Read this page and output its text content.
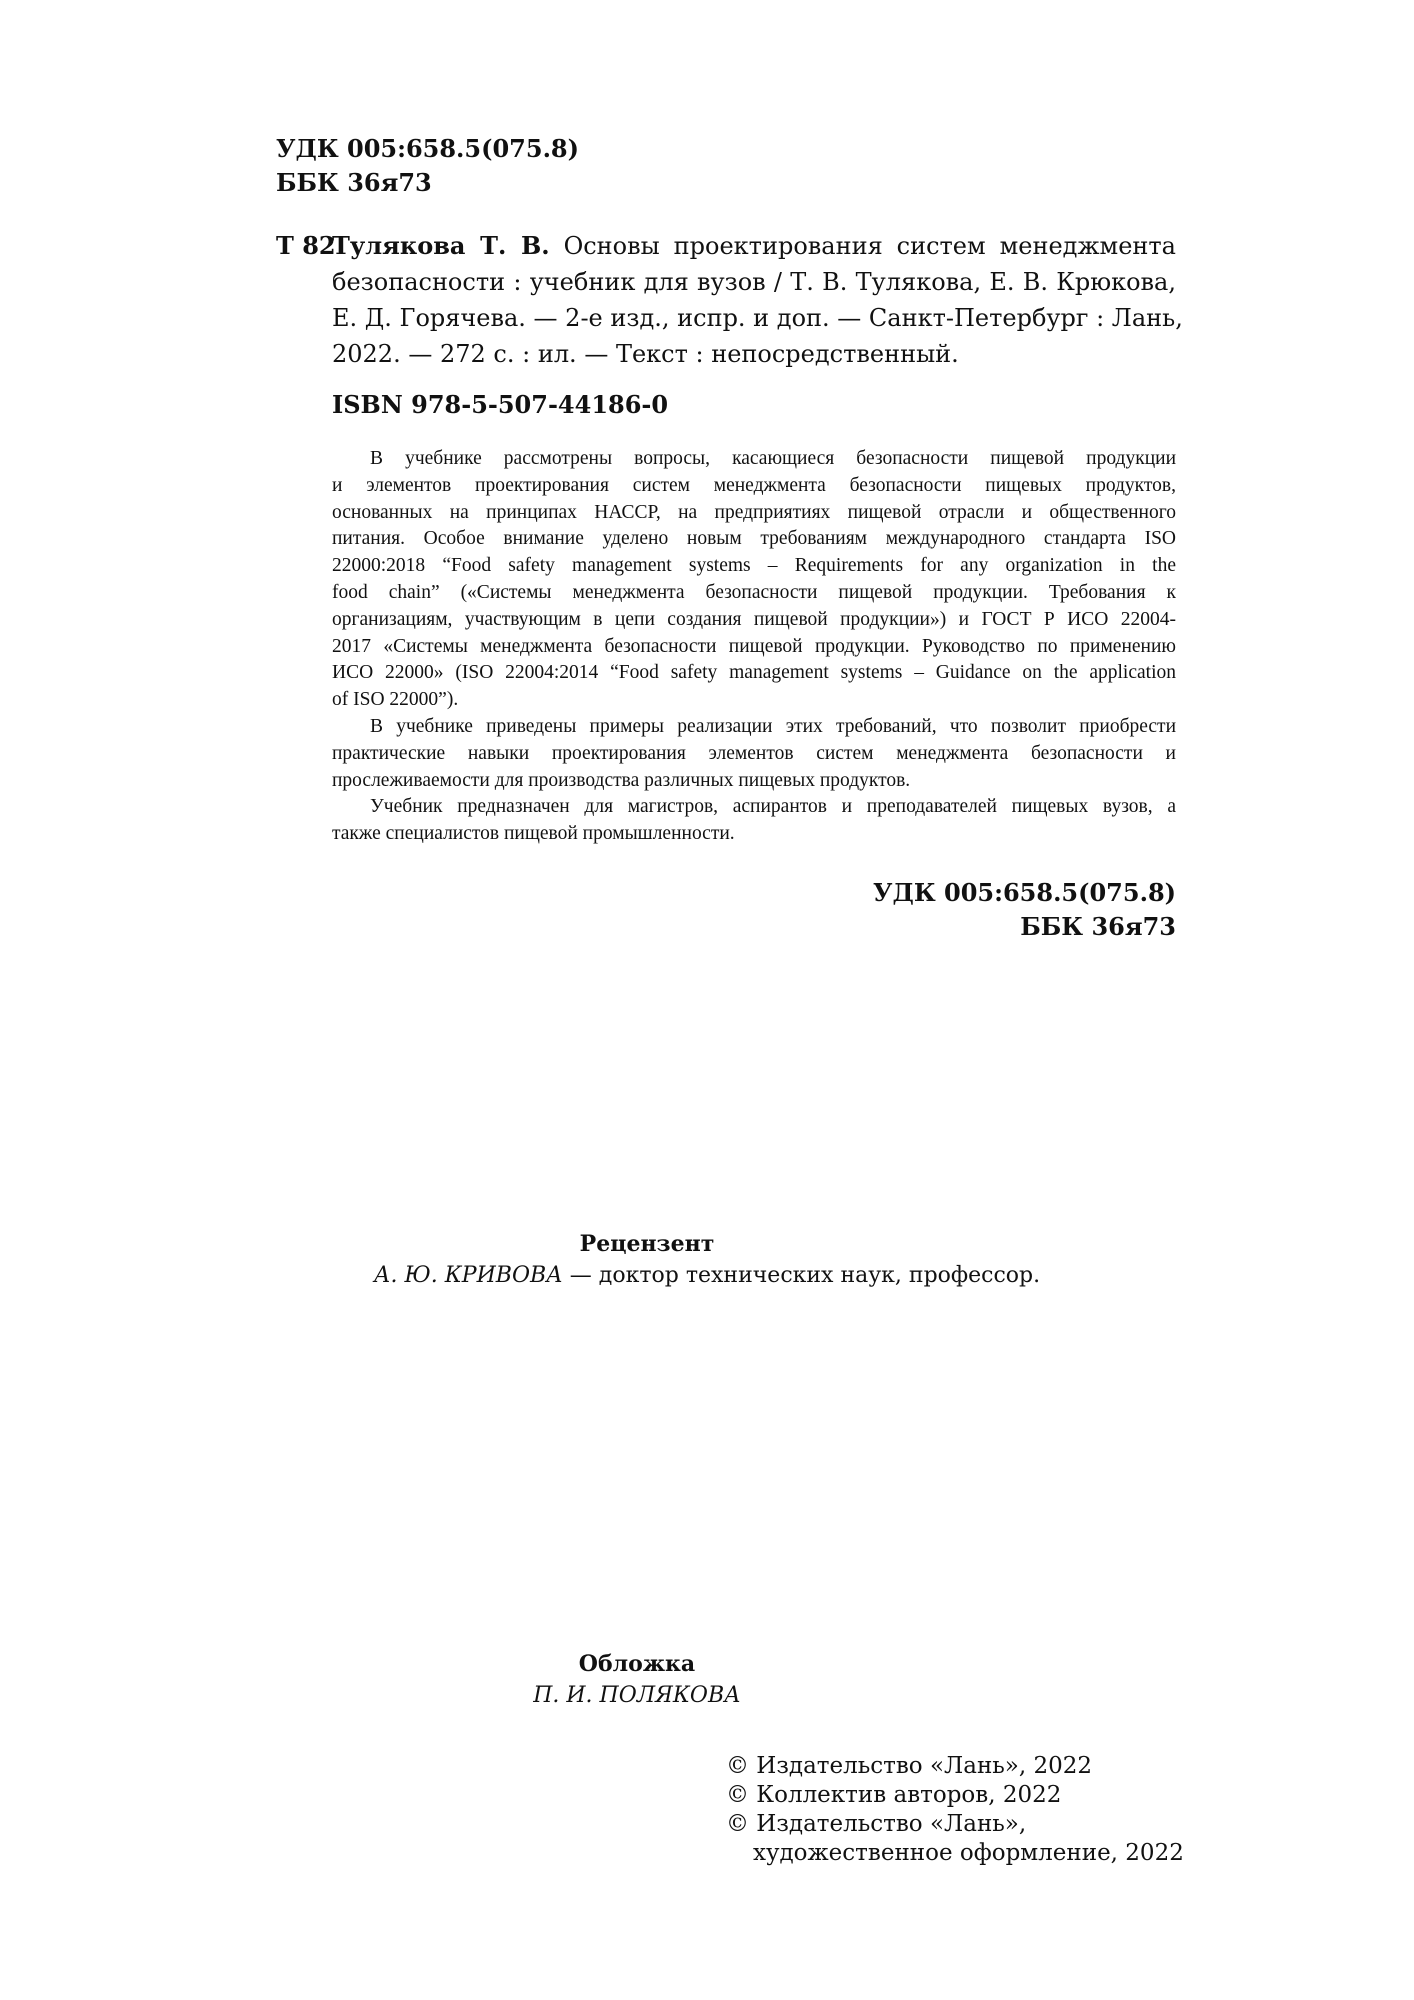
УДК 005:658.5(075.8)
ББК 36я73
Т 82
Тулякова Т. В. Основы проектирования систем менеджмента
безопасности : учебник для вузов / Т. В. Тулякова, Е. В. Крюкова,
Е. Д. Горячева. — 2-е изд., испр. и доп. — Санкт-Петербург : Лань,
2022. — 272 с. : ил. — Текст : непосредственный.
ISBN 978-5-507-44186-0
В учебнике рассмотрены вопросы, касающиеся безопасности пищевой продукции
и элементов проектирования систем менеджмента безопасности пищевых продуктов,
основанных на принципах НАССР, на предприятиях пищевой отрасли и общественного
питания. Особое внимание уделено новым требованиям международного стандарта ISO
22000:2018 “Food safety management systems – Requirements for any organization in the
food chain” («Системы менеджмента безопасности пищевой продукции. Требования к
организациям, участвующим в цепи создания пищевой продукции») и ГОСТ Р ИСО 22004-
2017 «Системы менеджмента безопасности пищевой продукции. Руководство по применению
ИСО 22000» (ISO 22004:2014 “Food safety management systems – Guidance on the application
of ISO 22000”).
В учебнике приведены примеры реализации этих требований, что позволит приобрести
практические навыки проектирования элементов систем менеджмента безопасности и
прослеживаемости для производства различных пищевых продуктов.
Учебник предназначен для магистров, аспирантов и преподавателей пищевых вузов, а
также специалистов пищевой промышленности.
УДК 005:658.5(075.8)
ББК 36я73
Рецензент
А. Ю. КРИВОВА — доктор технических наук, профессор.
Обложка
П. И. ПОЛЯКОВА
© Издательство «Лань», 2022
© Коллектив авторов, 2022
© Издательство «Лань»,
художественное оформление, 2022
